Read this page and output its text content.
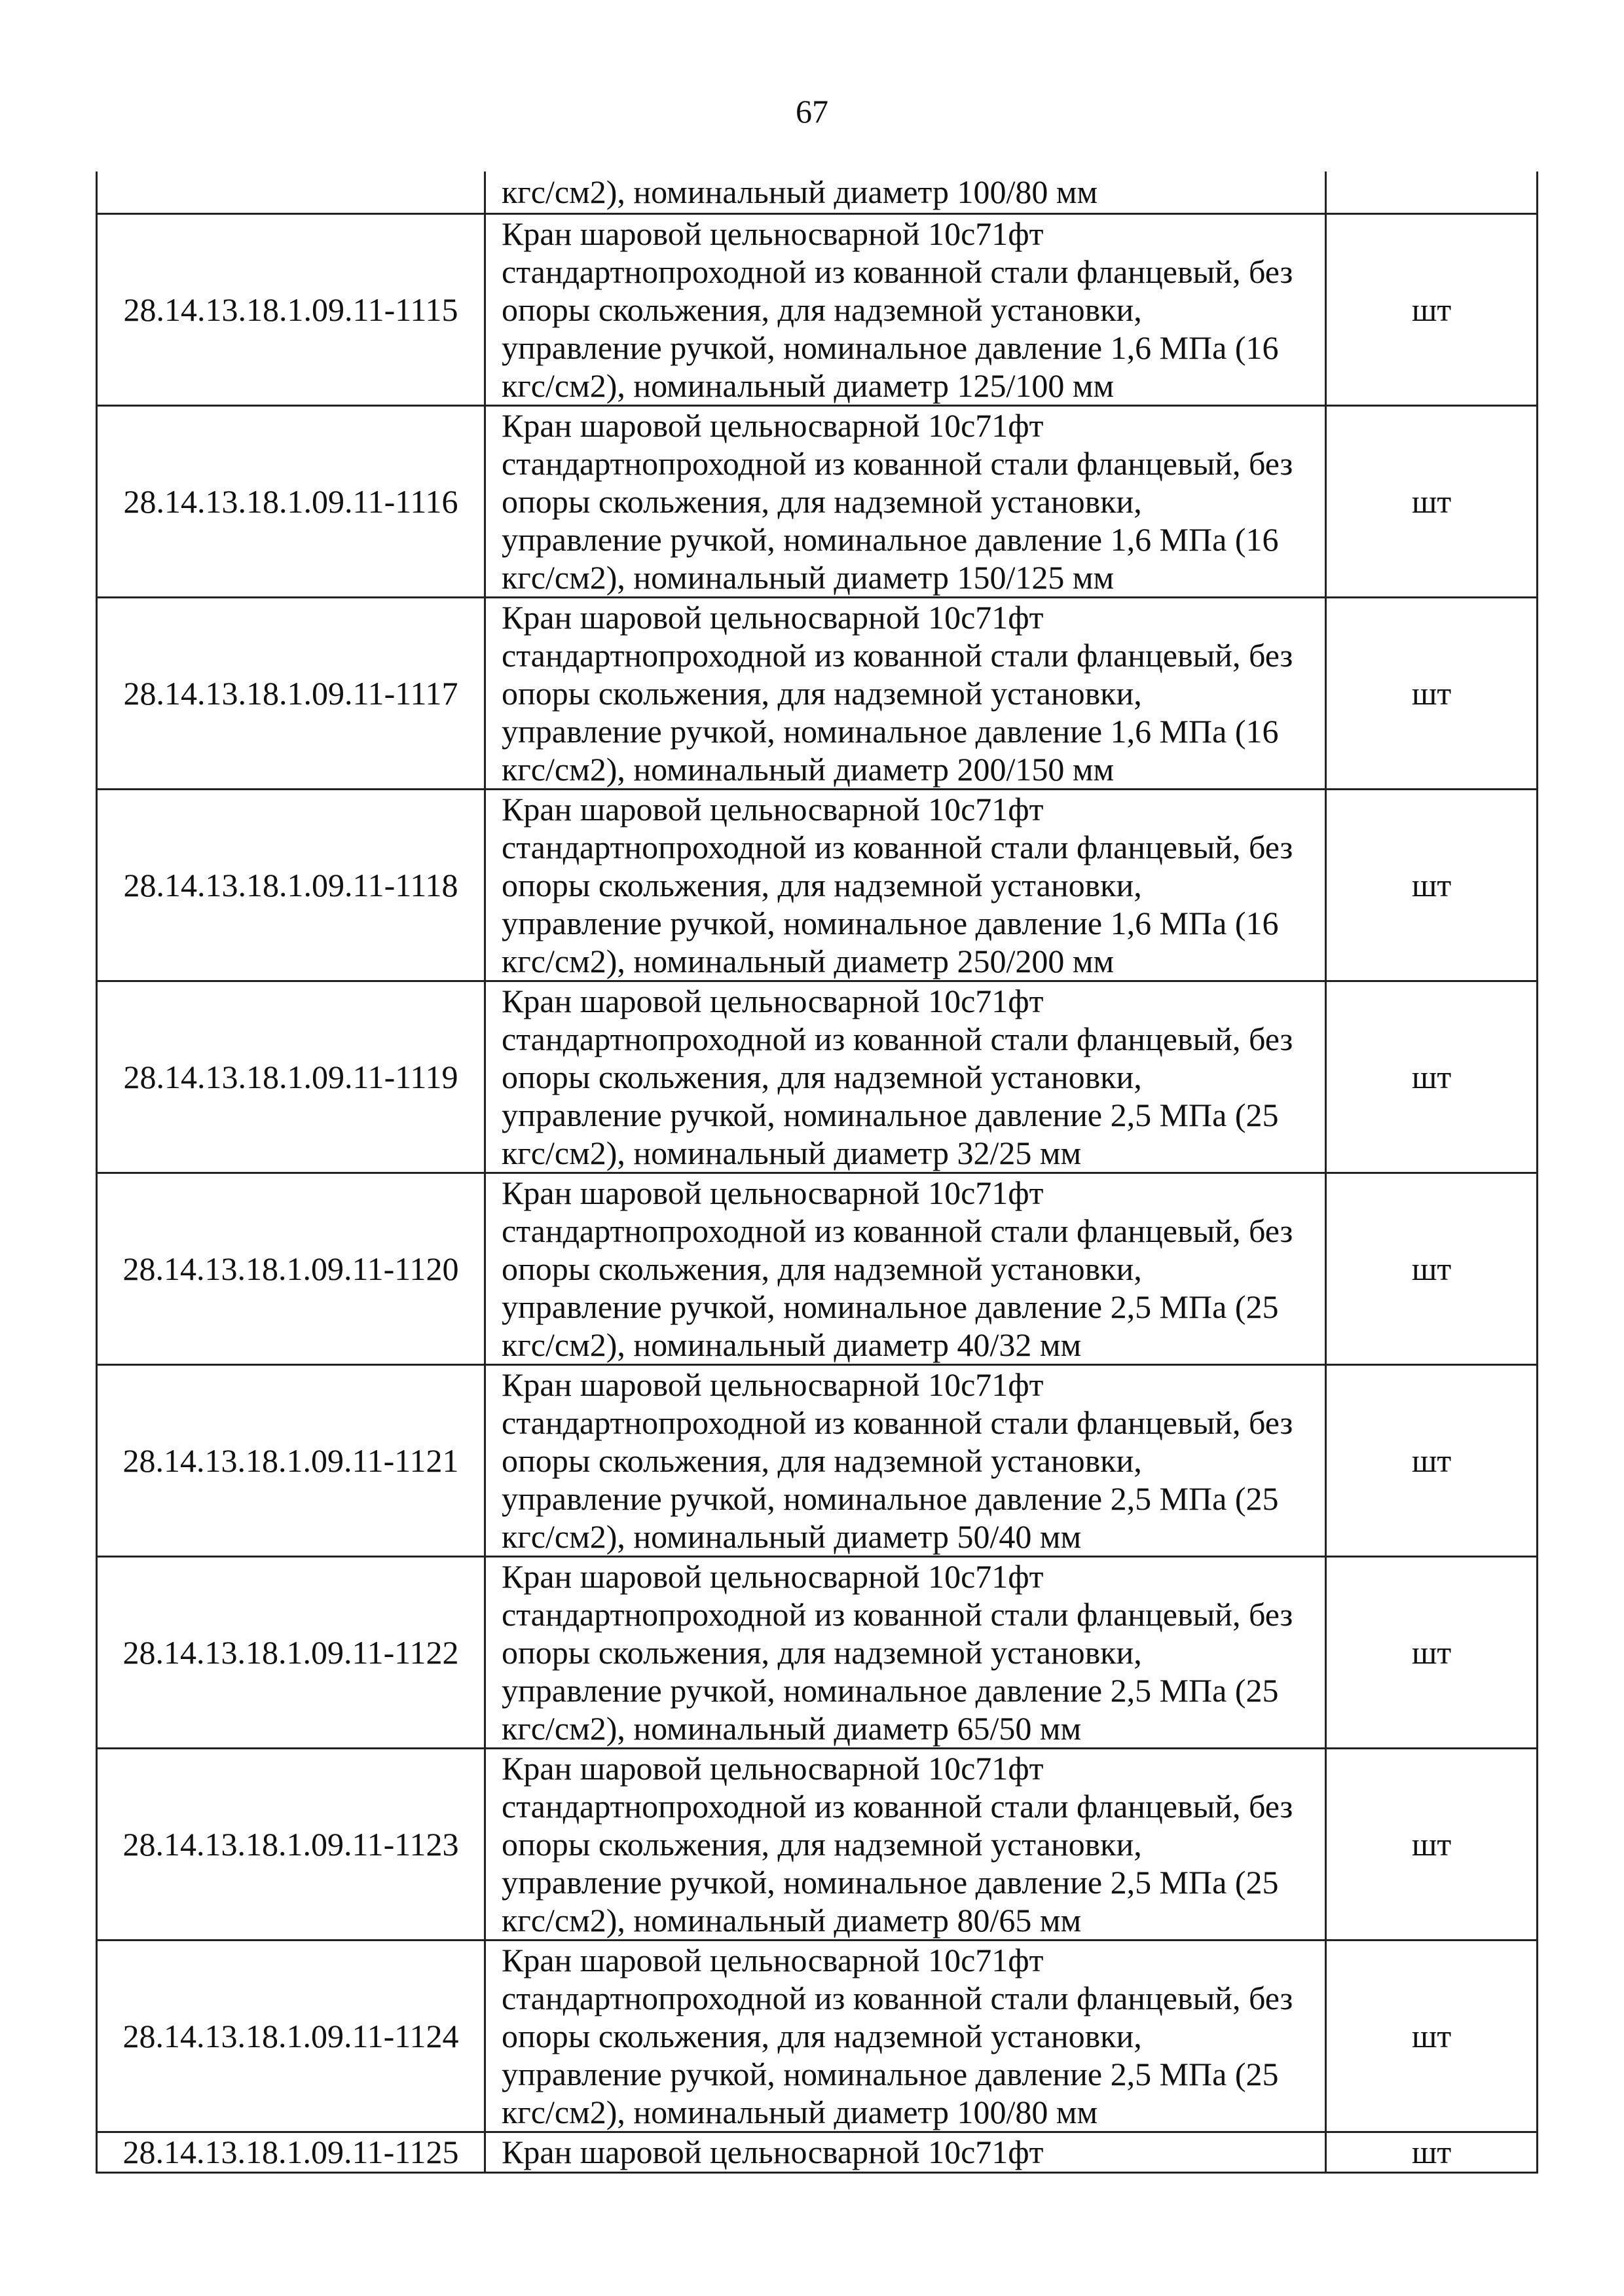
67
	кгс/см2), номинальный диаметр 100/80 мм	
28.14.13.18.1.09.11-1115	Кран шаровой цельносварной 10с71фт
стандартнопроходной из кованной стали фланцевый, без
опоры скольжения, для надземной установки,
управление ручкой, номинальное давление 1,6 МПа (16
кгс/см2), номинальный диаметр 125/100 мм	шт
28.14.13.18.1.09.11-1116	Кран шаровой цельносварной 10с71фт
стандартнопроходной из кованной стали фланцевый, без
опоры скольжения, для надземной установки,
управление ручкой, номинальное давление 1,6 МПа (16
кгс/см2), номинальный диаметр 150/125 мм	шт
28.14.13.18.1.09.11-1117	Кран шаровой цельносварной 10с71фт
стандартнопроходной из кованной стали фланцевый, без
опоры скольжения, для надземной установки,
управление ручкой, номинальное давление 1,6 МПа (16
кгс/см2), номинальный диаметр 200/150 мм	шт
28.14.13.18.1.09.11-1118	Кран шаровой цельносварной 10с71фт
стандартнопроходной из кованной стали фланцевый, без
опоры скольжения, для надземной установки,
управление ручкой, номинальное давление 1,6 МПа (16
кгс/см2), номинальный диаметр 250/200 мм	шт
28.14.13.18.1.09.11-1119	Кран шаровой цельносварной 10с71фт
стандартнопроходной из кованной стали фланцевый, без
опоры скольжения, для надземной установки,
управление ручкой, номинальное давление 2,5 МПа (25
кгс/см2), номинальный диаметр 32/25 мм	шт
28.14.13.18.1.09.11-1120	Кран шаровой цельносварной 10с71фт
стандартнопроходной из кованной стали фланцевый, без
опоры скольжения, для надземной установки,
управление ручкой, номинальное давление 2,5 МПа (25
кгс/см2), номинальный диаметр 40/32 мм	шт
28.14.13.18.1.09.11-1121	Кран шаровой цельносварной 10с71фт
стандартнопроходной из кованной стали фланцевый, без
опоры скольжения, для надземной установки,
управление ручкой, номинальное давление 2,5 МПа (25
кгс/см2), номинальный диаметр 50/40 мм	шт
28.14.13.18.1.09.11-1122	Кран шаровой цельносварной 10с71фт
стандартнопроходной из кованной стали фланцевый, без
опоры скольжения, для надземной установки,
управление ручкой, номинальное давление 2,5 МПа (25
кгс/см2), номинальный диаметр 65/50 мм	шт
28.14.13.18.1.09.11-1123	Кран шаровой цельносварной 10с71фт
стандартнопроходной из кованной стали фланцевый, без
опоры скольжения, для надземной установки,
управление ручкой, номинальное давление 2,5 МПа (25
кгс/см2), номинальный диаметр 80/65 мм	шт
28.14.13.18.1.09.11-1124	Кран шаровой цельносварной 10с71фт
стандартнопроходной из кованной стали фланцевый, без
опоры скольжения, для надземной установки,
управление ручкой, номинальное давление 2,5 МПа (25
кгс/см2), номинальный диаметр 100/80 мм	шт
28.14.13.18.1.09.11-1125	Кран шаровой цельносварной 10с71фт	шт
